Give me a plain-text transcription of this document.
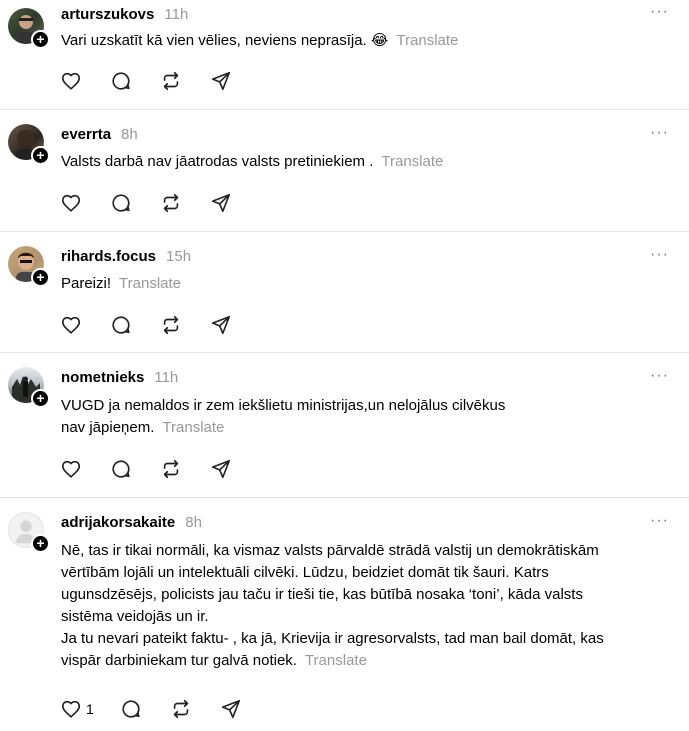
+
arturszukovs 11h	···
Vari uzskatīt kā vien vēlies, neviens neprasīja. 😂 Translate
+
everrta 8h	···
Valsts darbā nav jāatrodas valsts pretiniekiem . Translate
+
rihards.focus 15h	···
Pareizi! Translate
+
nometnieks 11h	···
VUGD ja nemaldos ir zem iekšlietu ministrijas,un nelojālus cilvēkus
nav jāpieņem. Translate
+
adrijakorsakaite 8h	···
Nē, tas ir tikai normāli, ka vismaz valsts pārvaldē strādā valstij un demokrātiskām
vērtībām lojāli un intelektuāli cilvēki. Lūdzu, beidziet domāt tik šauri. Katrs
ugunsdzēsējs, policists jau taču ir tieši tie, kas būtībā nosaka ‘toni’, kāda valsts
sistēma veidojās un ir.
Ja tu nevari pateikt faktu- , ka jā, Krievija ir agresorvalsts, tad man bail domāt, kas
vispār darbiniekam tur galvā notiek. Translate
1
